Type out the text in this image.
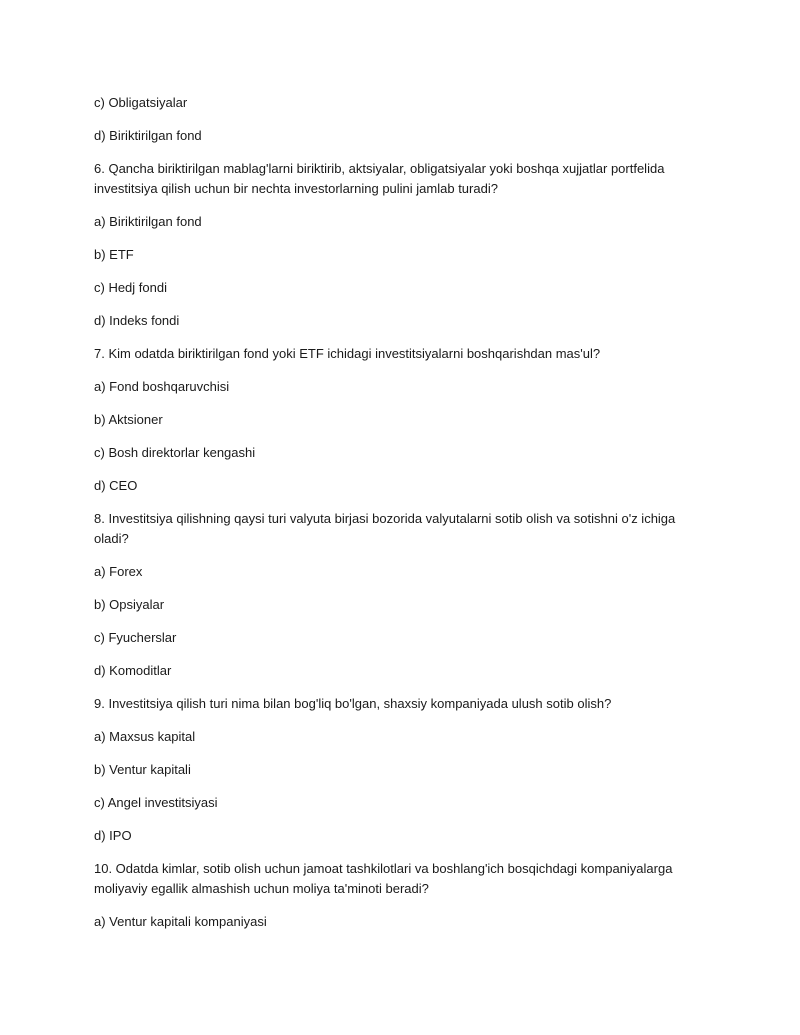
c) Obligatsiyalar

d) Biriktirilgan fond

6. Qancha biriktirilgan mablag'larni biriktirib, aktsiyalar, obligatsiyalar yoki boshqa xujjatlar portfelida

investitsiya qilish uchun bir nechta investorlarning pulini jamlab turadi?

a) Biriktirilgan fond

b) ETF

c) Hedj fondi

d) Indeks fondi

7. Kim odatda biriktirilgan fond yoki ETF ichidagi investitsiyalarni boshqarishdan mas'ul?

a) Fond boshqaruvchisi

b) Aktsioner

c) Bosh direktorlar kengashi

d) CEO

8. Investitsiya qilishning qaysi turi valyuta birjasi bozorida valyutalarni sotib olish va sotishni o'z ichiga

oladi?

a) Forex

b) Opsiyalar

c) Fyucherslar

d) Komoditlar

9. Investitsiya qilish turi nima bilan bog'liq bo'lgan, shaxsiy kompaniyada ulush sotib olish?

a) Maxsus kapital

b) Ventur kapitali

c) Angel investitsiyasi

d) IPO

10. Odatda kimlar, sotib olish uchun jamoat tashkilotlari va boshlang'ich bosqichdagi kompaniyalarga

moliyaviy egallik almashish uchun moliya ta'minoti beradi?

a) Ventur kapitali kompaniyasi
